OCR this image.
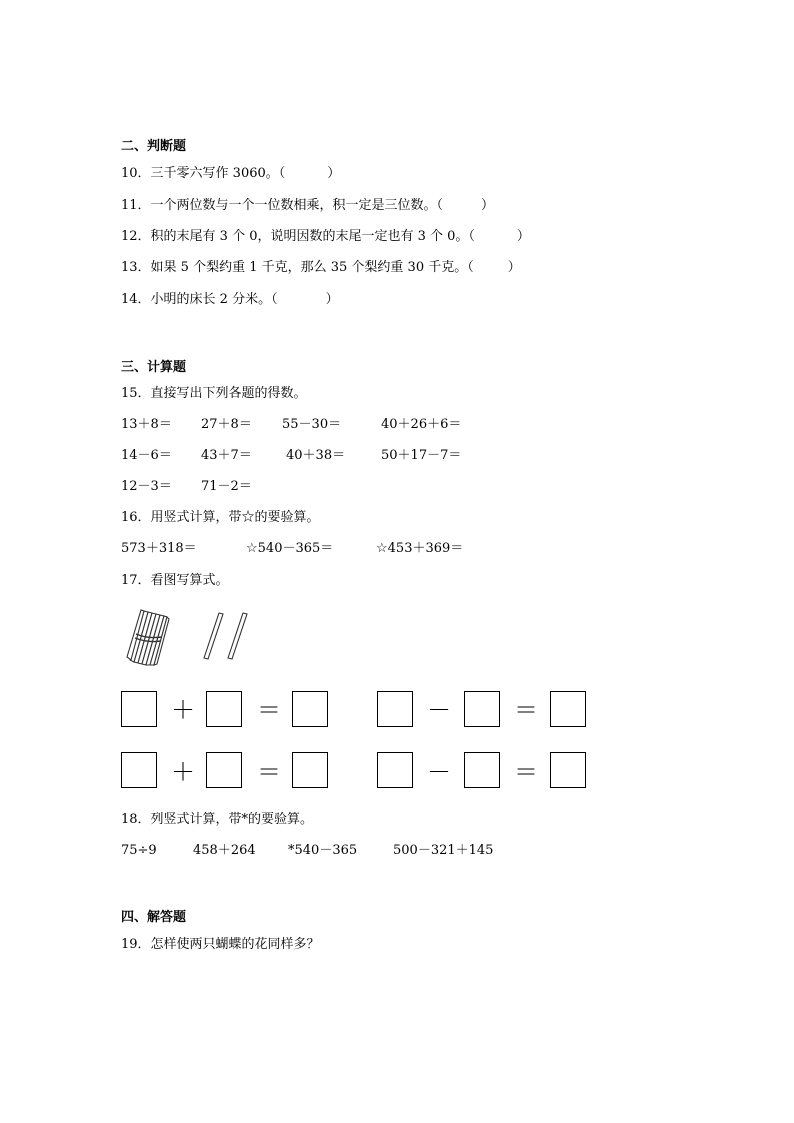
二、判断题
10．三千零六写作 3060。（	）
11．一个两位数与一个一位数相乘，积一定是三位数。（	）
12．积的末尾有 3 个 0，说明因数的末尾一定也有 3 个 0。（	）
13．如果 5 个梨约重 1 千克，那么 35 个梨约重 30 千克。（	）
14．小明的床长 2 分米。（	）
三、计算题
15．直接写出下列各题的得数。
13＋8＝ 27＋8＝ 55－30＝	40＋26＋6＝
14－6＝ 43＋7＝	40＋38＝	50＋17－7＝
12－3＝ 71－2＝
16．用竖式计算，带☆的要验算。
573＋318＝	☆540－365＝	☆453＋369＝
17．看图写算式。
＋	＝	－	＝
＋	＝	－	＝
18．列竖式计算，带*的要验算。
75÷9	458＋264 *540－365	500－321＋145
四、解答题
19．怎样使两只蝴蝶的花同样多？
